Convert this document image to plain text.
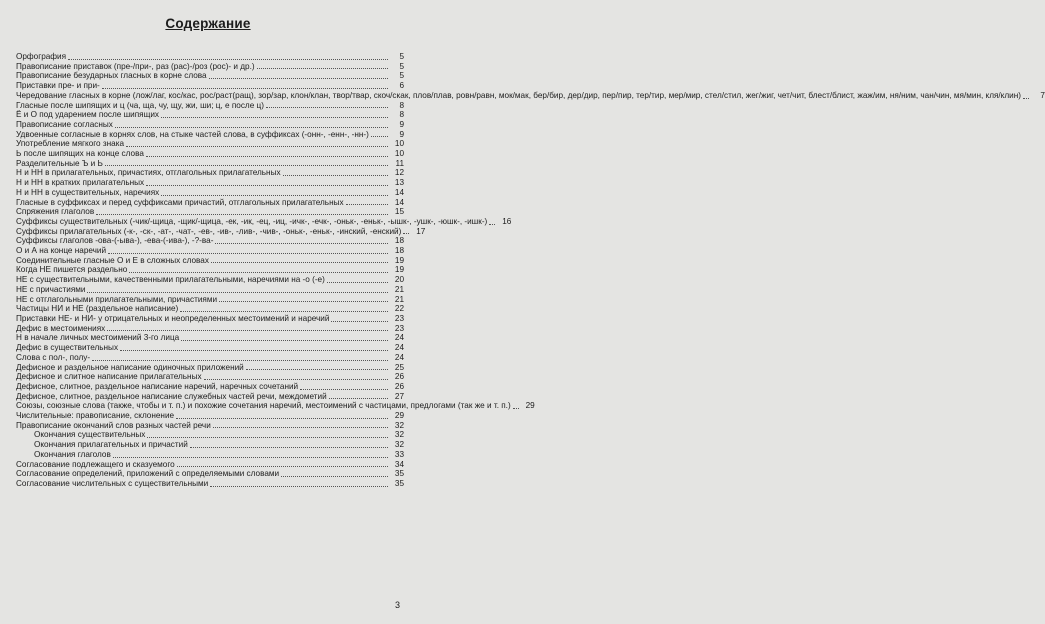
Содержание
Орфография	5
Правописание приставок (пре-/при-, раз (рас)-/роз (рос)- и др.)	5
Правописание безударных гласных в корне слова	5
Приставки пре- и при-	6
Чередование гласных в корне (лож/лаг, кос/кас, рос/раст(ращ), зор/зар, клон/клан, твор/твар, скоч/скак, плов/плав, ровн/равн, мок/мак, бер/бир, дер/дир, пер/пир, тер/тир, мер/мир, стел/стил, жег/жиг, чет/чит, блест/блист, жаж/им, ня/ним, чан/чин, мя/мин, кля/клин)	7
Гласные после шипящих и ц (ча, ща, чу, щу, жи, ши; ц, е после ц)	8
Ё и О под ударением после шипящих	8
Правописание согласных	9
Удвоенные согласные в корнях слов, на стыке частей слова, в суффиксах (-онн-, -енн-, -нн-)	9
Употребление мягкого знака	10
Ь после шипящих на конце слова	10
Разделительные Ъ и Ь	11
Н и НН в прилагательных, причастиях, отглагольных прилагательных	12
Н и НН в кратких прилагательных	13
Н и НН в существительных, наречиях	14
Гласные в суффиксах и перед суффиксами причастий, отглагольных прилагательных	14
Спряжения глаголов	15
Суффиксы существительных (-чик/-щица, -щик/-щица, -ек, -ик, -ец, -иц, -ичк-, -ечк-, -оньк-, -еньк-, -ышк-, -ушк-, -юшк-, -ишк-)	16
Суффиксы прилагательных (-к-, -ск-, -ат-, -чат-, -ев-, -ив-, -лив-, -чив-, -оньк-, -еньк-, -инский, -енский)	17
Суффиксы глаголов -ова-(-ыва-), -ева-(-ива-), -?-ва-	18
О и А на конце наречий	18
Соединительные гласные О и Е в сложных словах	19
Когда НЕ пишется раздельно	19
НЕ с существительными, качественными прилагательными, наречиями на -о (-е)	20
НЕ с причастиями	21
НЕ с отглагольными прилагательными, причастиями	21
Частицы НИ и НЕ (раздельное написание)	22
Приставки НЕ- и НИ- у отрицательных и неопределенных местоимений и наречий	23
Дефис в местоимениях	23
Н в начале личных местоимений 3-го лица	24
Дефис в существительных	24
Слова с пол-, полу-	24
Дефисное и раздельное написание одиночных приложений	25
Дефисное и слитное написание прилагательных	26
Дефисное, слитное, раздельное написание наречий, наречных сочетаний	26
Дефисное, слитное, раздельное написание служебных частей речи, междометий	27
Союзы, союзные слова (также, чтобы и т. п.) и похожие сочетания наречий, местоимений с частицами, предлогами (так же и т. п.)	29
Числительные: правописание, склонение	29
Правописание окончаний слов разных частей речи	32
Окончания существительных	32
Окончания прилагательных и причастий	32
Окончания глаголов	33
Согласование подлежащего и сказуемого	34
Согласование определений, приложений с определяемыми словами	35
Согласование числительных с существительными	35
3
